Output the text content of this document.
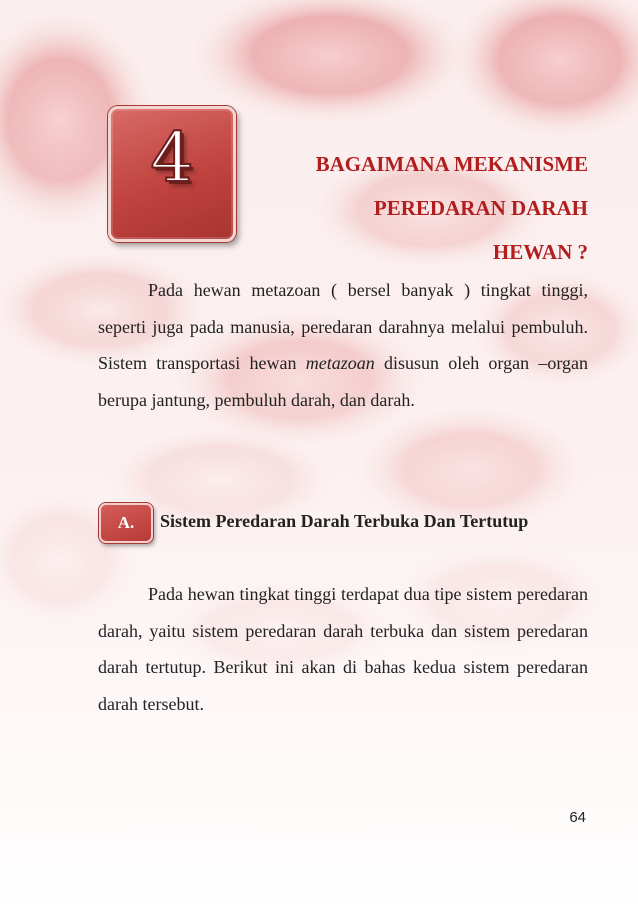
4	BAGAIMANA MEKANISME
PEREDARAN DARAH
HEWAN ?

Pada hewan metazoan ( bersel banyak ) tingkat tinggi, seperti juga pada manusia, peredaran darahnya melalui pembuluh. Sistem transportasi hewan metazoan disusun oleh organ –organ berupa jantung, pembuluh darah, dan darah.

A.	Sistem Peredaran Darah Terbuka Dan Tertutup

Pada hewan tingkat tinggi terdapat dua tipe sistem peredaran darah, yaitu sistem peredaran darah terbuka dan sistem peredaran darah tertutup. Berikut ini akan di bahas kedua sistem peredaran darah tersebut.

64
